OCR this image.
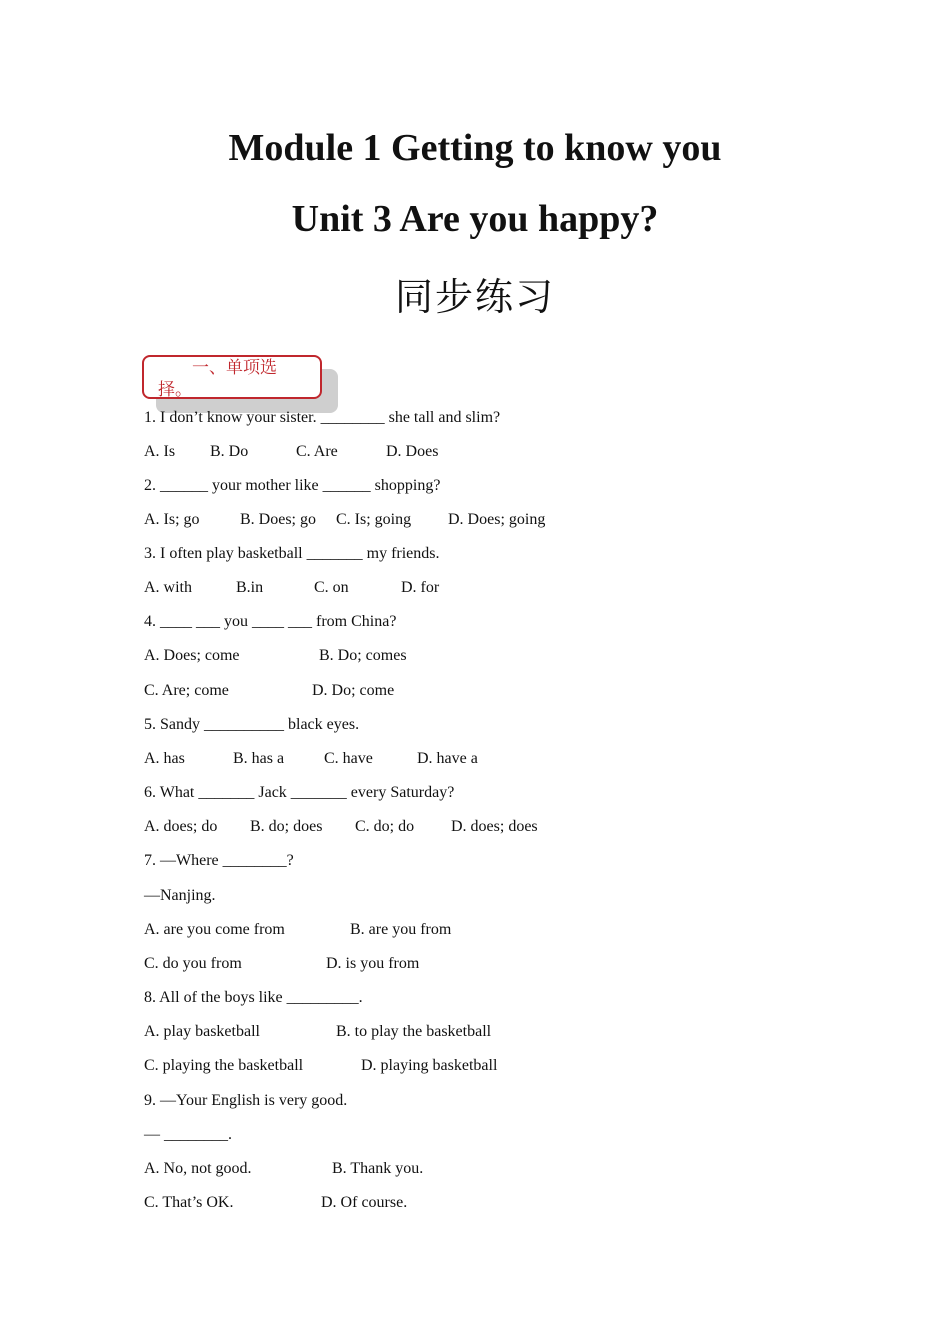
Module 1 Getting to know you
Unit 3 Are you happy?
同步练习
一、单项选
择。
1. I don’t know your sister. ________ she tall and slim?
A. Is B. Do	C. Are	D. Does
2. ______ your mother like ______ shopping?
A. Is; go	B. Does; go C. Is; going D. Does; going
3. I often play basketball _______ my friends.
A. with	B.in	C. on	D. for
4. ____ ___ you ____ ___ from China?
A. Does; come	B. Do; comes
C. Are; come	D. Do; come
5. Sandy __________ black eyes.
A. has	B. has a C. have	D. have a
6. What _______ Jack _______ every Saturday?
A. does; do B. do; does C. do; do D. does; does
7. —Where ________?
—Nanjing.
A. are you come from	B. are you from
C. do you from	D. is you from
8. All of the boys like _________.
A. play basketball	B. to play the basketball
C. playing the basketball	D. playing basketball
9. —Your English is very good.
— ________.
A. No, not good.	B. Thank you.
C. That’s OK.	D. Of course.
